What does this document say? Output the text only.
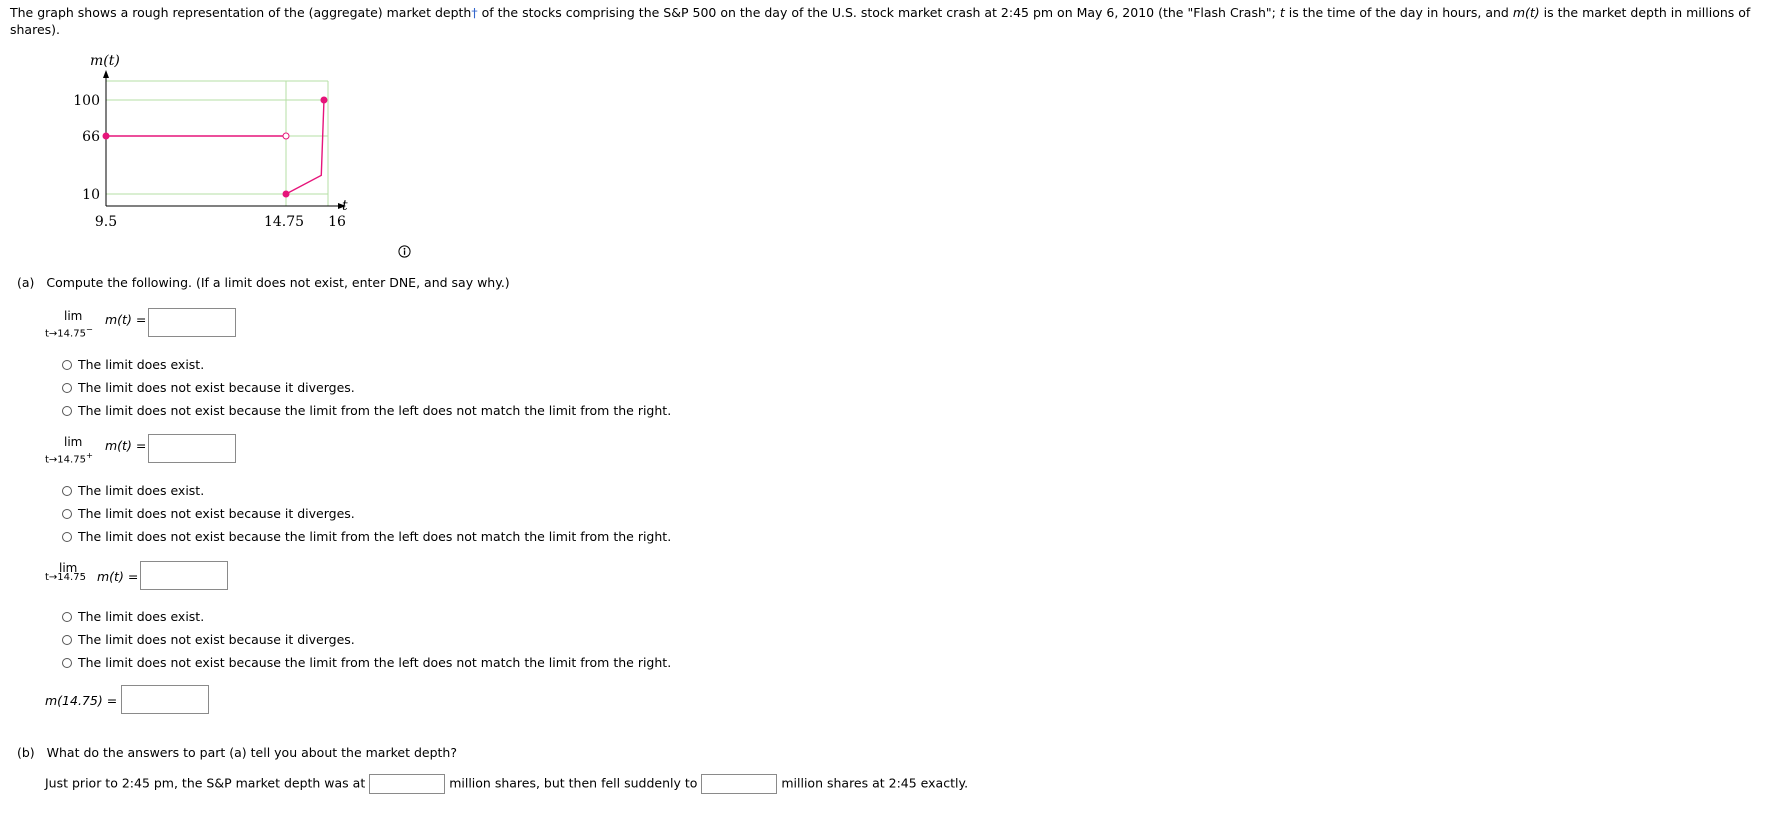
The graph shows a rough representation of the (aggregate) market depth† of the stocks comprising the S&P 500 on the day of the U.S. stock market crash at 2:45 pm on May 6, 2010 (the "Flash Crash"; t is the time of the day in hours, and m(t) is the market depth in millions of shares).
m(t)
t
10
66
100
9.5	14.75 16
(a) Compute the following. (If a limit does not exist, enter DNE, and say why.)
lim
t→14.75−
m(t) =
The limit does exist.
The limit does not exist because it diverges.
The limit does not exist because the limit from the left does not match the limit from the right.
lim
t→14.75+
m(t) =
The limit does exist.
The limit does not exist because it diverges.
The limit does not exist because the limit from the left does not match the limit from the right.
lim
t→14.75 m(t) =
The limit does exist.
The limit does not exist because it diverges.
The limit does not exist because the limit from the left does not match the limit from the right.
m(14.75) =
(b) What do the answers to part (a) tell you about the market depth?
Just prior to 2:45 pm, the S&P market depth was at	million shares, but then fell suddenly to	million shares at 2:45 exactly.
